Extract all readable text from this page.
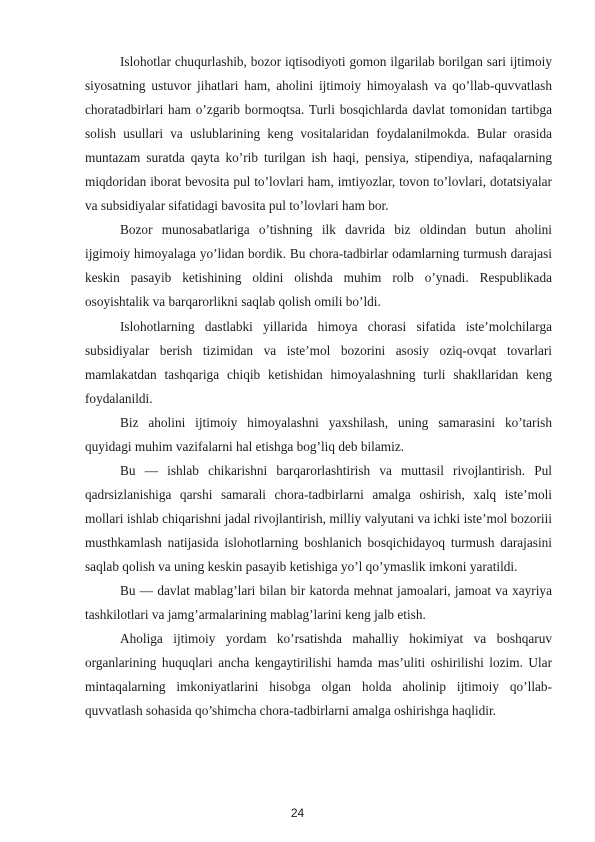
Islohotlar chuqurlashib, bozor iqtisodiyoti gomon ilgarilab borilgan sari ijtimoiy siyosatning ustuvor jihatlari ham, aholini ijtimoiy himoyalash va qo’llab-quvvatlash choratadbirlari ham o’zgarib bormoqtsa. Turli bosqichlarda davlat tomonidan tartibga solish usullari va uslublarining keng vositalaridan foydalanilmokda. Bular orasida muntazam suratda qayta ko’rib turilgan ish haqi, pensiya, stipendiya, nafaqalarning miqdoridan iborat bevosita pul to’lovlari ham, imtiyozlar, tovon to’lovlari, dotatsiyalar va subsidiyalar sifatidagi bavosita pul to’lovlari ham bor.

Bozor munosabatlariga o’tishning ilk davrida biz oldindan butun aholini ijgimoiy himoyalaga yo’lidan bordik. Bu chora-tadbirlar odamlarning turmush darajasi keskin pasayib ketishining oldini olishda muhim rolb o’ynadi. Respublikada osoyishtalik va barqarorlikni saqlab qolish omili bo’ldi.

Islohotlarning dastlabki yillarida himoya chorasi sifatida iste’molchilarga subsidiyalar berish tizimidan va iste’mol bozorini asosiy oziq-ovqat tovarlari mamlakatdan tashqariga chiqib ketishidan himoyalashning turli shakllaridan keng foydalanildi.

Biz aholini ijtimoiy himoyalashni yaxshilash, uning samarasini ko’tarish quyidagi muhim vazifalarni hal etishga bog’liq deb bilamiz.

Bu — ishlab chikarishni barqarorlashtirish va muttasil rivojlantirish. Pul qadrsizlanishiga qarshi samarali chora-tadbirlarni amalga oshirish, xalq iste’moli mollari ishlab chiqarishni jadal rivojlantirish, milliy valyutani va ichki iste’mol bozoriii musthkamlash natijasida islohotlarning boshlanich bosqichidayoq turmush darajasini saqlab qolish va uning keskin pasayib ketishiga yo’l qo’ymaslik imkoni yaratildi.

Bu — davlat mablag’lari bilan bir katorda mehnat jamoalari, jamoat va xayriya tashkilotlari va jamg’armalarining mablag’larini keng jalb etish.

Aholiga ijtimoiy yordam ko’rsatishda mahalliy hokimiyat va boshqaruv organlarining huquqlari ancha kengaytirilishi hamda mas’uliti oshirilishi lozim. Ular mintaqalarning imkoniyatlarini hisobga olgan holda aholinip ijtimoiy qo’llab-quvvatlash sohasida qo’shimcha chora-tadbirlarni amalga oshirishga haqlidir.

24
